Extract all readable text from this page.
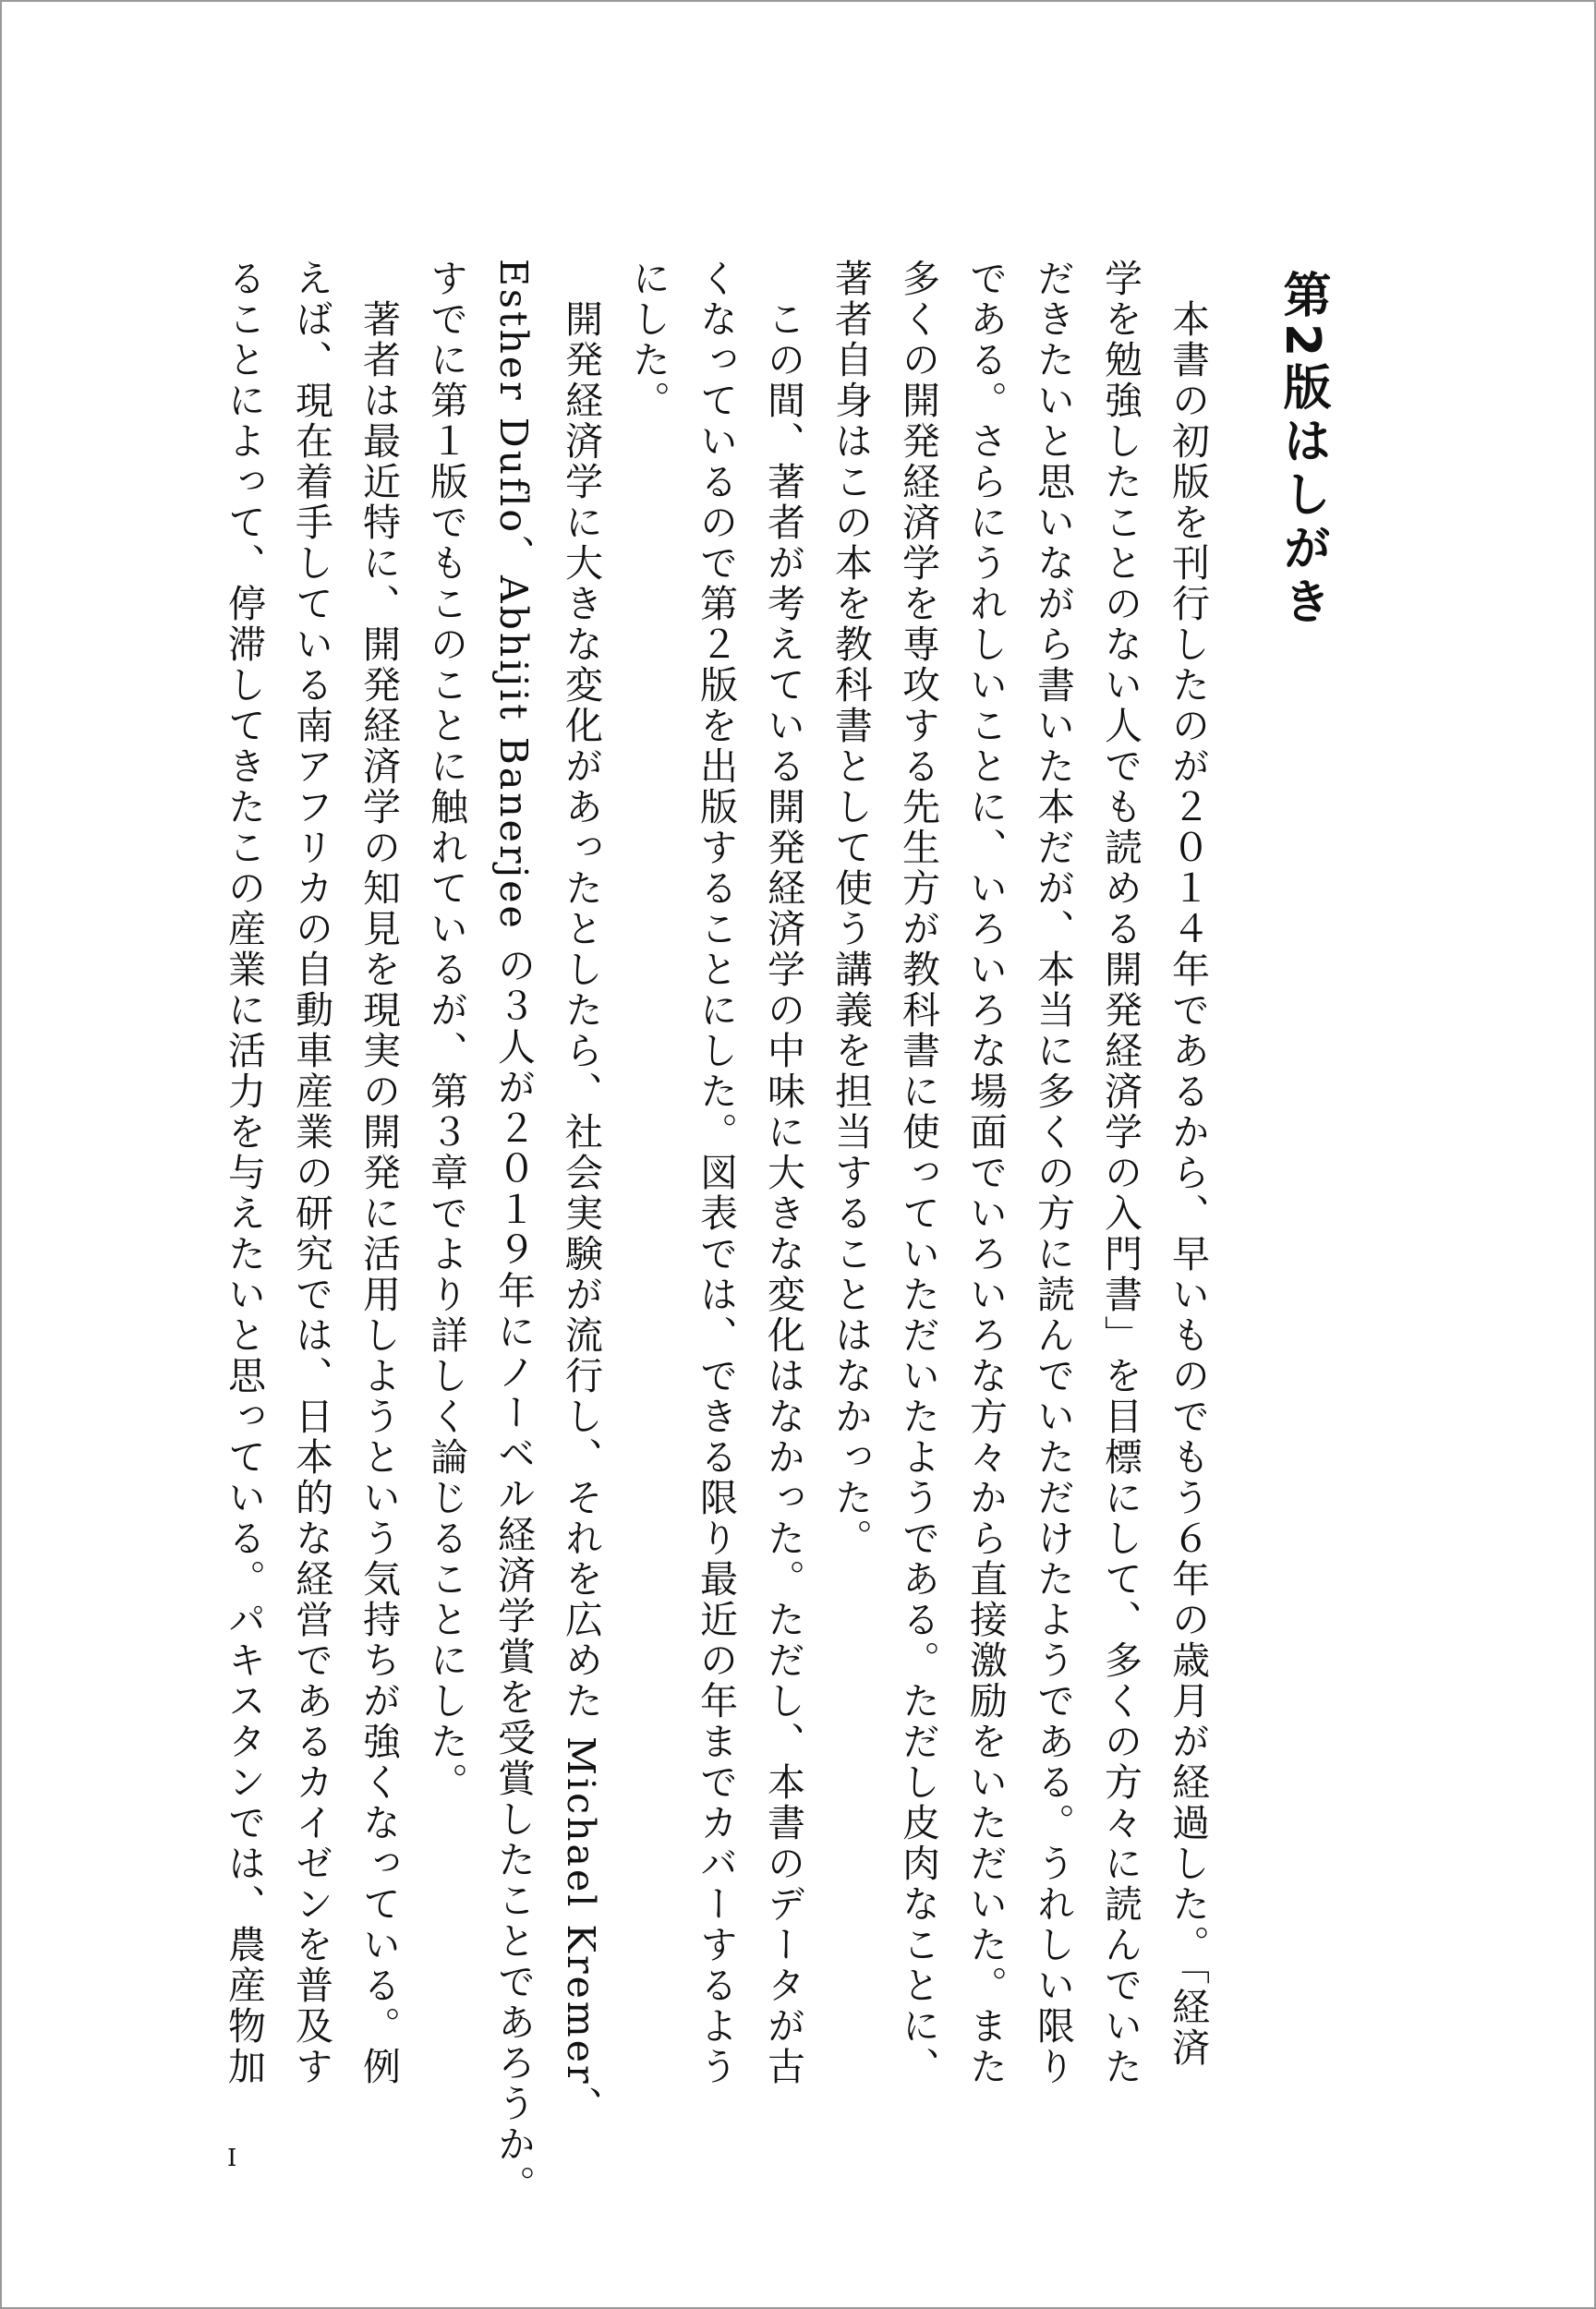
第2版はしがき
　本書の初版を刊行したのが２０１４年であるから、早いものでもう６年の歳月が経過した。「経済
学を勉強したことのない人でも読める開発経済学の入門書」を目標にして、多くの方々に読んでいた
だきたいと思いながら書いた本だが、本当に多くの方に読んでいただけたようである。うれしい限り
である。さらにうれしいことに、いろいろな場面でいろいろな方々から直接激励をいただいた。また
多くの開発経済学を専攻する先生方が教科書に使っていただいたようである。ただし皮肉なことに、
著者自身はこの本を教科書として使う講義を担当することはなかった。
　この間、著者が考えている開発経済学の中味に大きな変化はなかった。ただし、本書のデータが古
くなっているので第２版を出版することにした。図表では、できる限り最近の年までカバーするよう
にした。
　開発経済学に大きな変化があったとしたら、社会実験が流行し、それを広めた Michael Kremer、
Esther Duflo、Abhijit Banerjee の３人が２０１９年にノーベル経済学賞を受賞したことであろうか。
すでに第１版でもこのことに触れているが、第３章でより詳しく論じることにした。
　著者は最近特に、開発経済学の知見を現実の開発に活用しようという気持ちが強くなっている。例
えば、現在着手している南アフリカの自動車産業の研究では、日本的な経営であるカイゼンを普及す
ることによって、停滞してきたこの産業に活力を与えたいと思っている。パキスタンでは、農産物加
I
